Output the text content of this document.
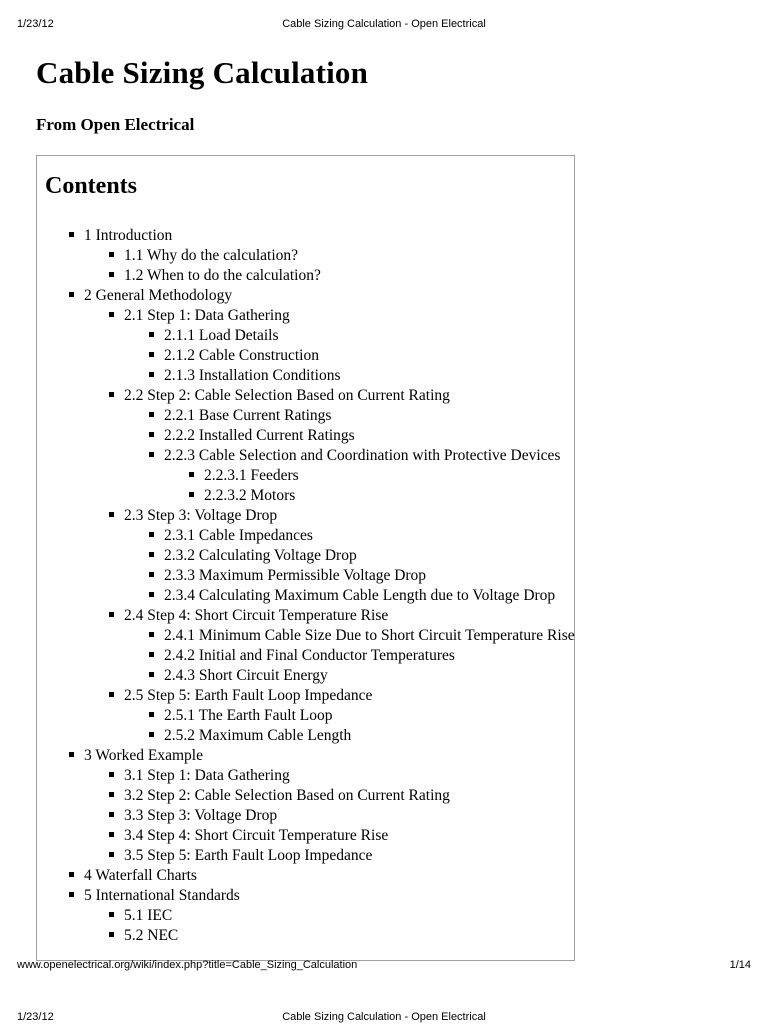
1/23/12	Cable Sizing Calculation - Open Electrical
Cable Sizing Calculation
From Open Electrical
Contents
1 Introduction
1.1 Why do the calculation?
1.2 When to do the calculation?
2 General Methodology
2.1 Step 1: Data Gathering
2.1.1 Load Details
2.1.2 Cable Construction
2.1.3 Installation Conditions
2.2 Step 2: Cable Selection Based on Current Rating
2.2.1 Base Current Ratings
2.2.2 Installed Current Ratings
2.2.3 Cable Selection and Coordination with Protective Devices
2.2.3.1 Feeders
2.2.3.2 Motors
2.3 Step 3: Voltage Drop
2.3.1 Cable Impedances
2.3.2 Calculating Voltage Drop
2.3.3 Maximum Permissible Voltage Drop
2.3.4 Calculating Maximum Cable Length due to Voltage Drop
2.4 Step 4: Short Circuit Temperature Rise
2.4.1 Minimum Cable Size Due to Short Circuit Temperature Rise
2.4.2 Initial and Final Conductor Temperatures
2.4.3 Short Circuit Energy
2.5 Step 5: Earth Fault Loop Impedance
2.5.1 The Earth Fault Loop
2.5.2 Maximum Cable Length
3 Worked Example
3.1 Step 1: Data Gathering
3.2 Step 2: Cable Selection Based on Current Rating
3.3 Step 3: Voltage Drop
3.4 Step 4: Short Circuit Temperature Rise
3.5 Step 5: Earth Fault Loop Impedance
4 Waterfall Charts
5 International Standards
5.1 IEC
5.2 NEC
www.openelectrical.org/wiki/index.php?title=Cable_Sizing_Calculation	1/14
1/23/12	Cable Sizing Calculation - Open Electrical
